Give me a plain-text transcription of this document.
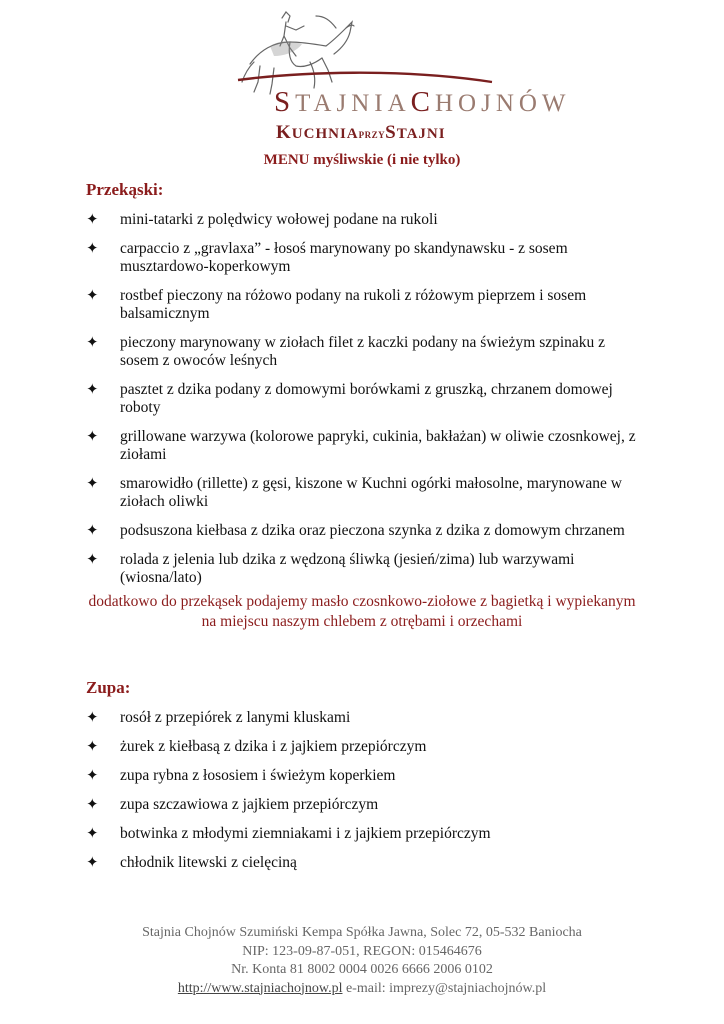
STAJNIACHOJNÓW
KUCHNIAPRZYSTAJNI
MENU myśliwskie (i nie tylko)
Przekąski:
✦ mini-tatarki z polędwicy wołowej podane na rukoli
✦ carpaccio z „gravlaxa” - łosoś marynowany po skandynawsku - z sosem musztardowo-koperkowym
✦ rostbef pieczony na różowo podany na rukoli z różowym pieprzem i sosem balsamicznym
✦ pieczony marynowany w ziołach filet z kaczki podany na świeżym szpinaku z sosem z owoców leśnych
✦ pasztet z dzika podany z domowymi borówkami z gruszką, chrzanem domowej roboty
✦ grillowane warzywa (kolorowe papryki, cukinia, bakłażan) w oliwie czosnkowej, z ziołami
✦ smarowidło (rillette) z gęsi, kiszone w Kuchni ogórki małosolne, marynowane w ziołach oliwki
✦ podsuszona kiełbasa z dzika oraz pieczona szynka z dzika z domowym chrzanem
✦ rolada z jelenia lub dzika z wędzoną śliwką (jesień/zima) lub warzywami (wiosna/lato)
dodatkowo do przekąsek podajemy masło czosnkowo-ziołowe z bagietką i wypiekanym na miejscu naszym chlebem z otrębami i orzechami
Zupa:
✦ rosół z przepiórek z lanymi kluskami
✦ żurek z kiełbasą z dzika i z jajkiem przepiórczym
✦ zupa rybna z łososiem i świeżym koperkiem
✦ zupa szczawiowa z jajkiem przepiórczym
✦ botwinka z młodymi ziemniakami i z jajkiem przepiórczym
✦ chłodnik litewski z cielęciną
Stajnia Chojnów Szumiński Kempa Spółka Jawna, Solec 72, 05-532 Baniocha
NIP: 123-09-87-051, REGON: 015464676
Nr. Konta 81 8002 0004 0026 6666 2006 0102
http://www.stajniachojnow.pl e-mail: imprezy@stajniachojnów.pl
